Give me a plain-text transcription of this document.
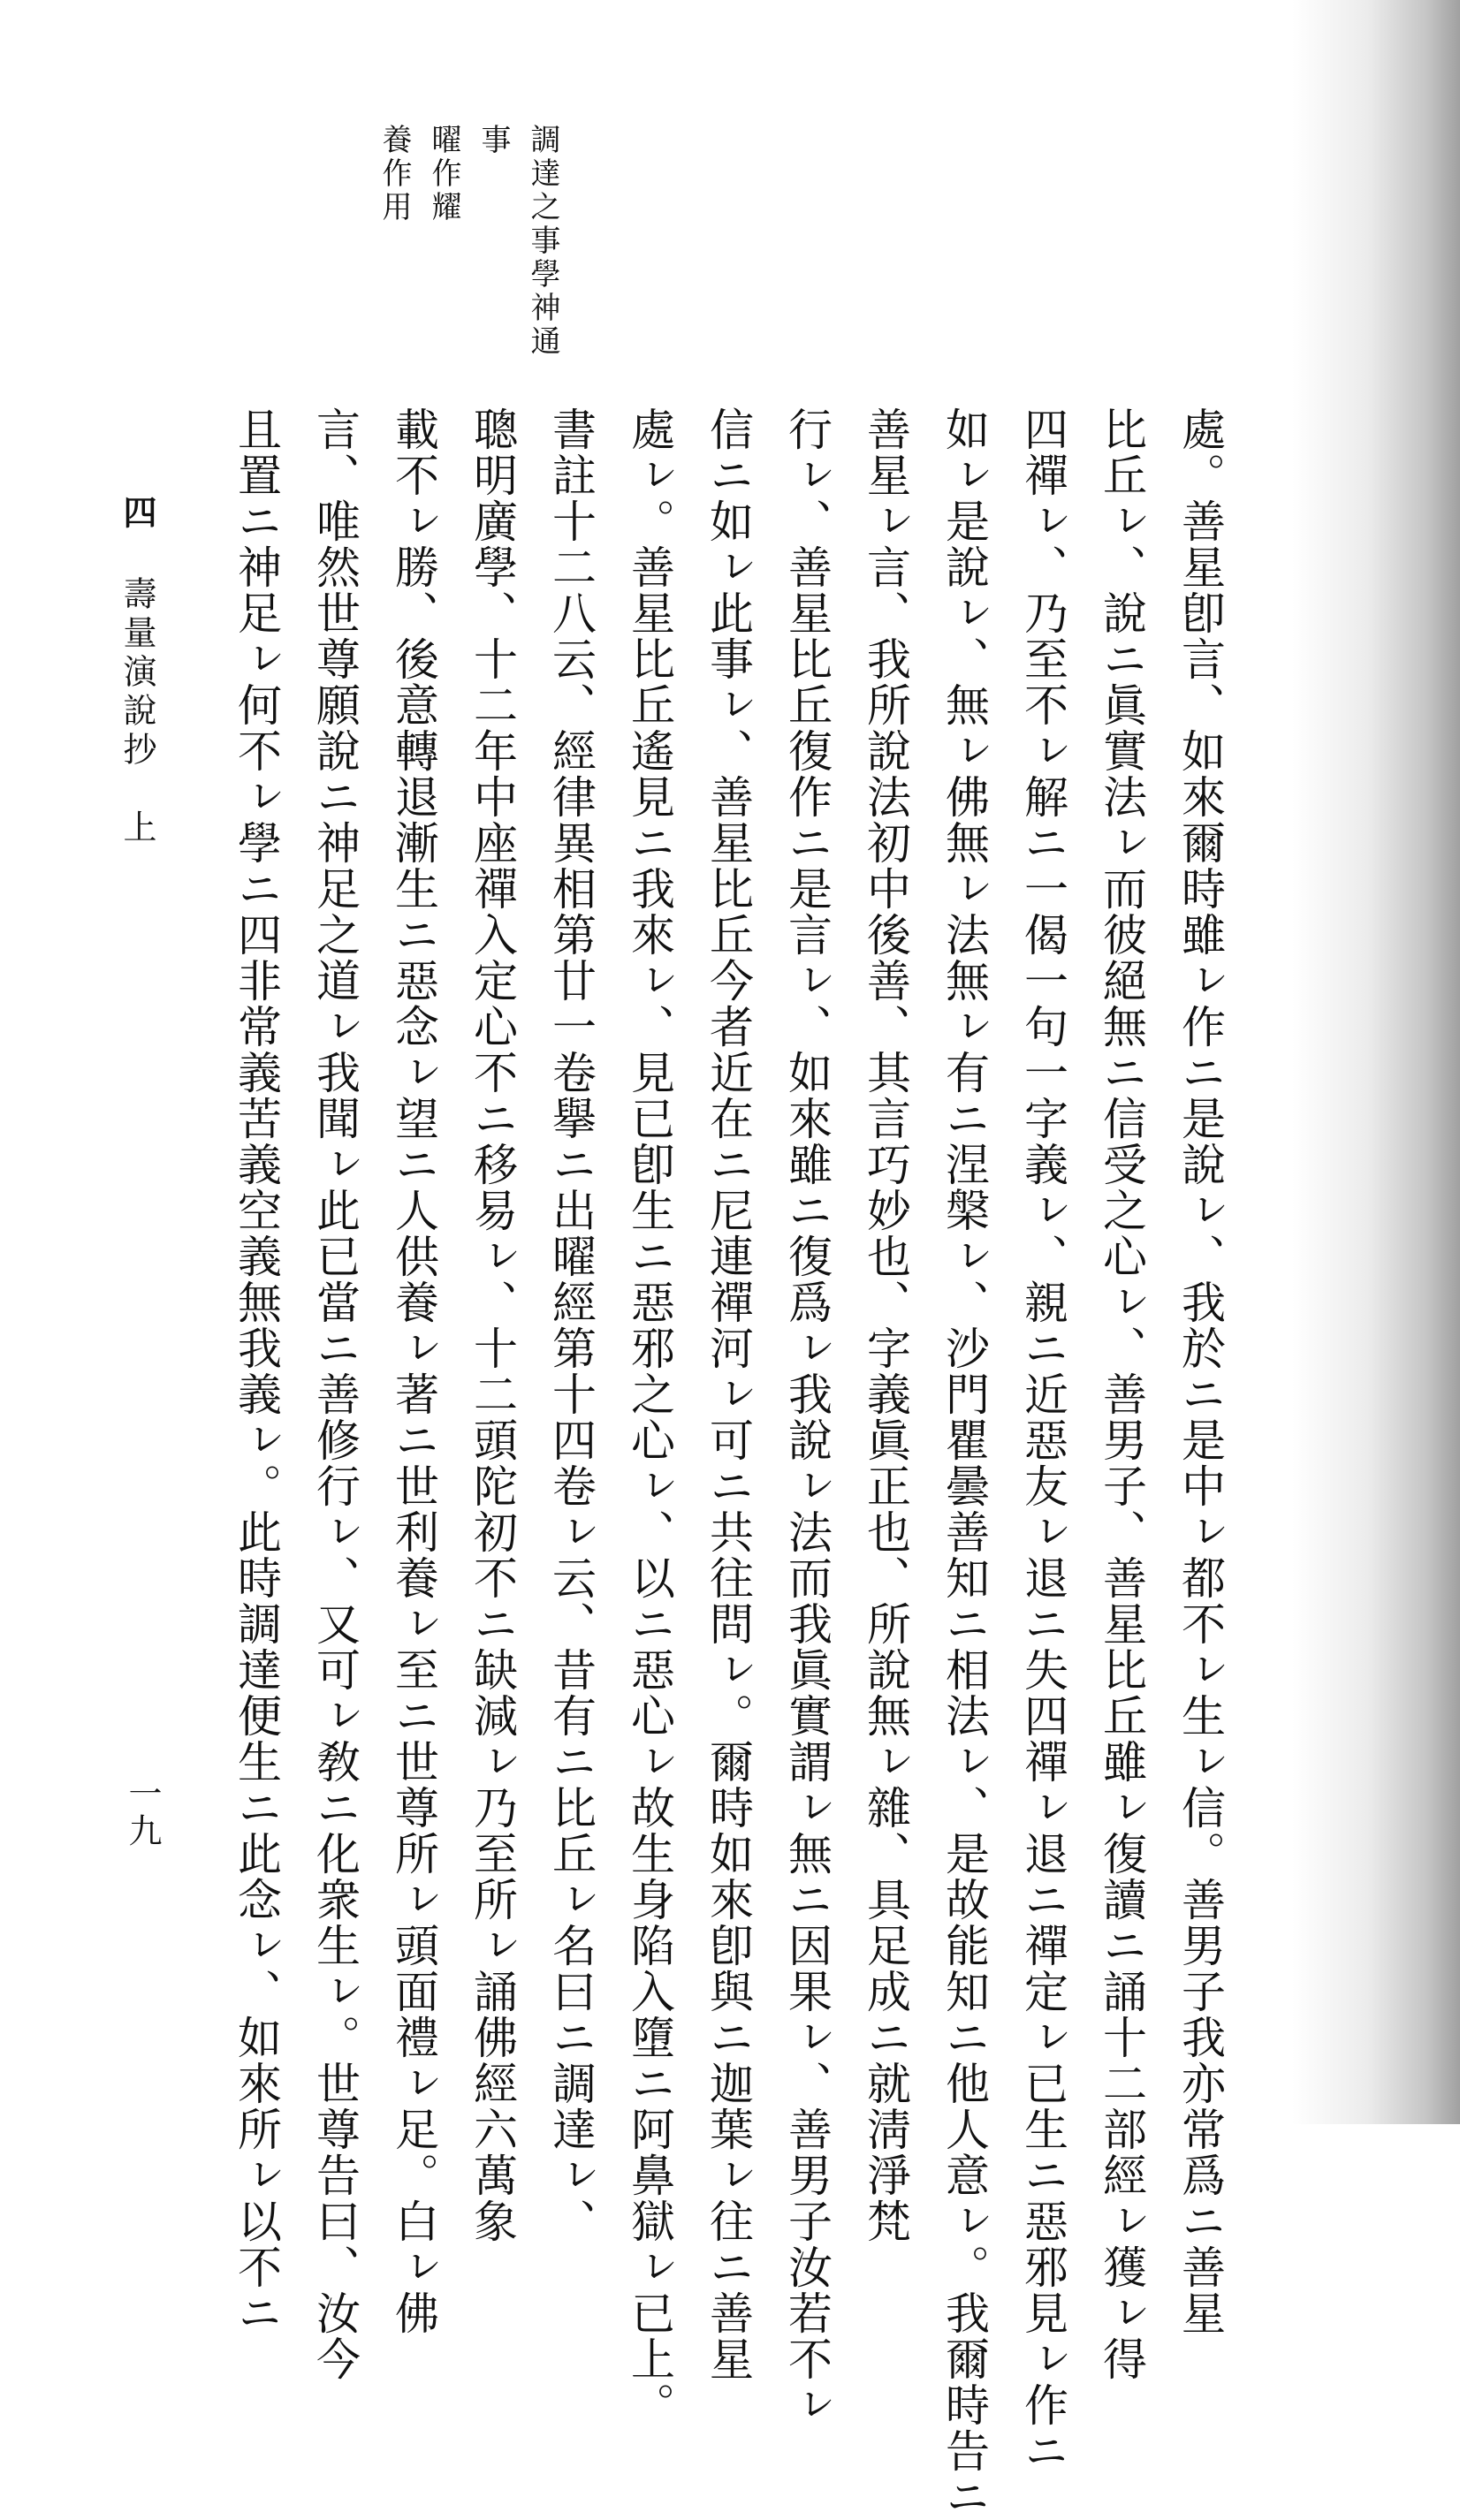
調達之事學神通
事
曜作耀
養作用
處。善星卽言、如來爾時雖ㇾ作ニ是說ㇾ、我於ニ是中ㇾ都不ㇾ生ㇾ信。善男子我亦常爲ニ善星
比丘ㇾ、說ニ眞實法ㇾ而彼絕無ニ信受之心ㇾ、善男子、善星比丘雖ㇾ復讀ニ誦十二部經ㇾ獲ㇾ得
四禪ㇾ、乃至不ㇾ解ニ一偈一句一字義ㇾ、親ニ近惡友ㇾ退ニ失四禪ㇾ退ニ禪定ㇾ已生ニ惡邪見ㇾ作ニ
如ㇾ是說ㇾ、無ㇾ佛無ㇾ法無ㇾ有ニ涅槃ㇾ、沙門瞿曇善知ニ相法ㇾ、是故能知ニ他人意ㇾ。我爾時告ニ
善星ㇾ言、我所說法初中後善、其言巧妙也、字義眞正也、所說無ㇾ雜、具足成ニ就淸淨梵
行ㇾ、善星比丘復作ニ是言ㇾ、如來雖ニ復爲ㇾ我說ㇾ法而我眞實謂ㇾ無ニ因果ㇾ、善男子汝若不ㇾ
信ニ如ㇾ此事ㇾ、善星比丘今者近在ニ尼連禪河ㇾ可ニ共往問ㇾ。爾時如來卽與ニ迦葉ㇾ往ニ善星
處ㇾ。善星比丘遙見ニ我來ㇾ、見已卽生ニ惡邪之心ㇾ、以ニ惡心ㇾ故生身陷入墮ニ阿鼻獄ㇾ已上。
書註十二八云、經律異相第廿一卷擧ニ出曜經第十四卷ㇾ云、昔有ニ比丘ㇾ名曰ニ調達ㇾ、
聰明廣學、十二年中座禪入定心不ニ移易ㇾ、十二頭陀初不ニ缺減ㇾ乃至所ㇾ誦佛經六萬象
載不ㇾ勝、後意轉退漸生ニ惡念ㇾ望ニ人供養ㇾ著ニ世利養ㇾ至ニ世尊所ㇾ頭面禮ㇾ足。白ㇾ佛
言、唯然世尊願說ニ神足之道ㇾ我聞ㇾ此已當ニ善修行ㇾ、又可ㇾ敎ニ化衆生ㇾ。世尊告曰、汝今
且置ニ神足ㇾ何不ㇾ學ニ四非常義苦義空義無我義ㇾ。此時調達便生ニ此念ㇾ、如來所ㇾ以不ニ
四 壽量演說抄　上
一九
